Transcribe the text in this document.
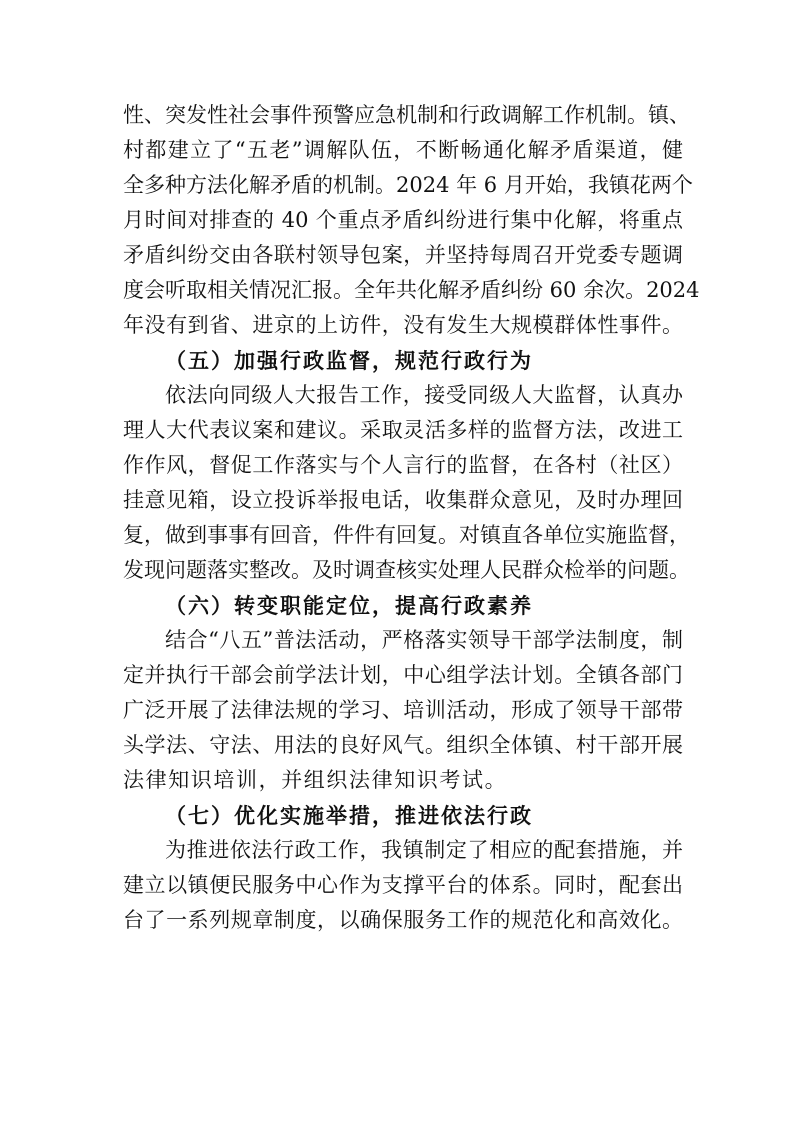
性、突发性社会事件预警应急机制和行政调解工作机制。镇、
村都建立了“五老”调解队伍，不断畅通化解矛盾渠道，健
全多种方法化解矛盾的机制。2024 年 6 月开始，我镇花两个
月时间对排查的 40 个重点矛盾纠纷进行集中化解，将重点
矛盾纠纷交由各联村领导包案，并坚持每周召开党委专题调
度会听取相关情况汇报。全年共化解矛盾纠纷 60 余次。2024
年没有到省、进京的上访件，没有发生大规模群体性事件。
（五）加强行政监督，规范行政行为
依法向同级人大报告工作，接受同级人大监督，认真办
理人大代表议案和建议。采取灵活多样的监督方法，改进工
作作风，督促工作落实与个人言行的监督，在各村（社区）
挂意见箱，设立投诉举报电话，收集群众意见，及时办理回
复，做到事事有回音，件件有回复。对镇直各单位实施监督，
发现问题落实整改。及时调查核实处理人民群众检举的问题。
（六）转变职能定位，提高行政素养
结合“八五”普法活动，严格落实领导干部学法制度，制
定并执行干部会前学法计划，中心组学法计划。全镇各部门
广泛开展了法律法规的学习、培训活动，形成了领导干部带
头学法、守法、用法的良好风气。组织全体镇、村干部开展
法律知识培训，并组织法律知识考试。
（七）优化实施举措，推进依法行政
为推进依法行政工作，我镇制定了相应的配套措施，并
建立以镇便民服务中心作为支撑平台的体系。同时，配套出
台了一系列规章制度，以确保服务工作的规范化和高效化。
